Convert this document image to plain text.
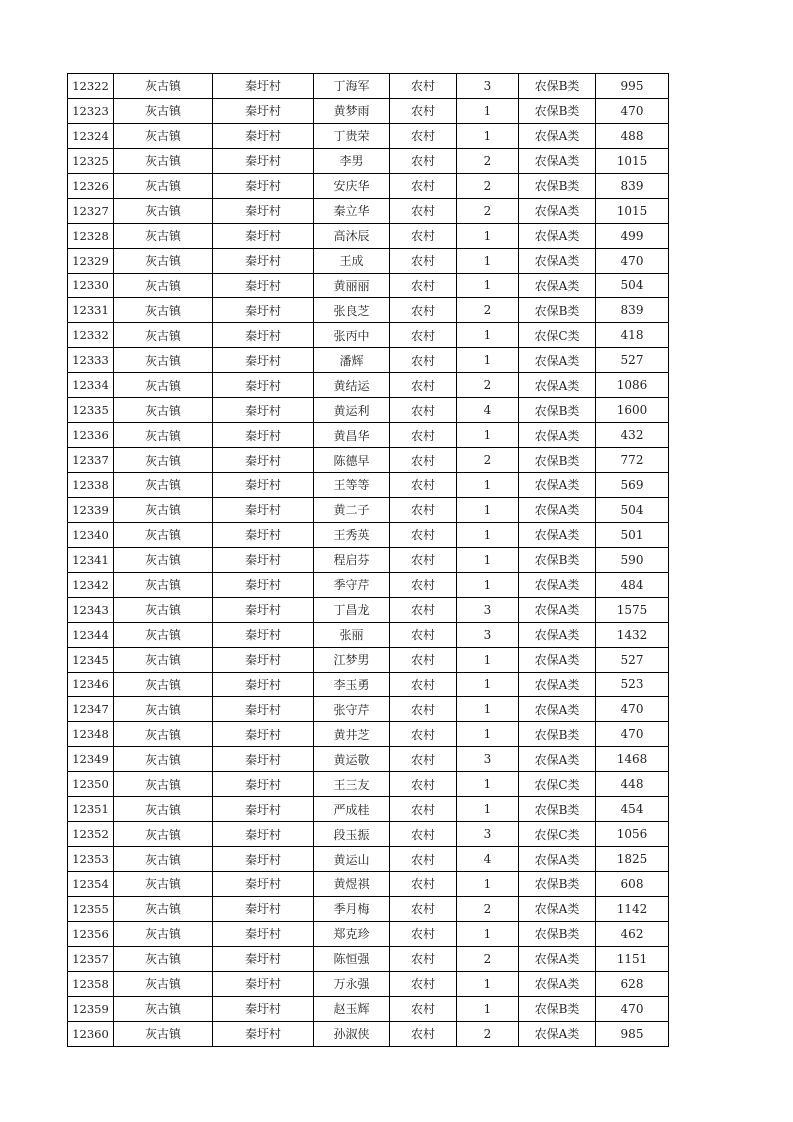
12322	灰古镇	秦圩村	丁海军	农村	3	农保B类	995
12323	灰古镇	秦圩村	黄梦雨	农村	1	农保B类	470
12324	灰古镇	秦圩村	丁贵荣	农村	1	农保A类	488
12325	灰古镇	秦圩村	李男	农村	2	农保A类	1015
12326	灰古镇	秦圩村	安庆华	农村	2	农保B类	839
12327	灰古镇	秦圩村	秦立华	农村	2	农保A类	1015
12328	灰古镇	秦圩村	高沐辰	农村	1	农保A类	499
12329	灰古镇	秦圩村	王成	农村	1	农保A类	470
12330	灰古镇	秦圩村	黄丽丽	农村	1	农保A类	504
12331	灰古镇	秦圩村	张良芝	农村	2	农保B类	839
12332	灰古镇	秦圩村	张丙中	农村	1	农保C类	418
12333	灰古镇	秦圩村	潘辉	农村	1	农保A类	527
12334	灰古镇	秦圩村	黄结运	农村	2	农保A类	1086
12335	灰古镇	秦圩村	黄运利	农村	4	农保B类	1600
12336	灰古镇	秦圩村	黄昌华	农村	1	农保A类	432
12337	灰古镇	秦圩村	陈德早	农村	2	农保B类	772
12338	灰古镇	秦圩村	王等等	农村	1	农保A类	569
12339	灰古镇	秦圩村	黄二子	农村	1	农保A类	504
12340	灰古镇	秦圩村	王秀英	农村	1	农保A类	501
12341	灰古镇	秦圩村	程启芬	农村	1	农保B类	590
12342	灰古镇	秦圩村	季守芹	农村	1	农保A类	484
12343	灰古镇	秦圩村	丁昌龙	农村	3	农保A类	1575
12344	灰古镇	秦圩村	张丽	农村	3	农保A类	1432
12345	灰古镇	秦圩村	江梦男	农村	1	农保A类	527
12346	灰古镇	秦圩村	李玉勇	农村	1	农保A类	523
12347	灰古镇	秦圩村	张守芹	农村	1	农保A类	470
12348	灰古镇	秦圩村	黄井芝	农村	1	农保B类	470
12349	灰古镇	秦圩村	黄运敬	农村	3	农保A类	1468
12350	灰古镇	秦圩村	王三友	农村	1	农保C类	448
12351	灰古镇	秦圩村	严成桂	农村	1	农保B类	454
12352	灰古镇	秦圩村	段玉振	农村	3	农保C类	1056
12353	灰古镇	秦圩村	黄运山	农村	4	农保A类	1825
12354	灰古镇	秦圩村	黄煜祺	农村	1	农保B类	608
12355	灰古镇	秦圩村	季月梅	农村	2	农保A类	1142
12356	灰古镇	秦圩村	郑克珍	农村	1	农保B类	462
12357	灰古镇	秦圩村	陈恒强	农村	2	农保A类	1151
12358	灰古镇	秦圩村	万永强	农村	1	农保A类	628
12359	灰古镇	秦圩村	赵玉辉	农村	1	农保B类	470
12360	灰古镇	秦圩村	孙淑侠	农村	2	农保A类	985
